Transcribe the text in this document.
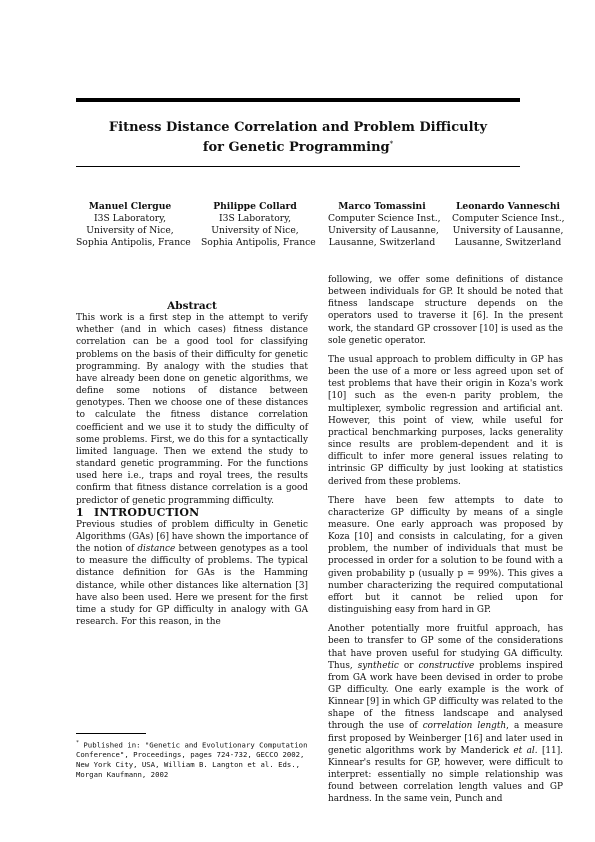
Fitness Distance Correlation and Problem Difficulty
for Genetic Programming*
Manuel Clergue
I3S Laboratory,
University of Nice,
Sophia Antipolis, France
Philippe Collard
I3S Laboratory,
University of Nice,
Sophia Antipolis, France
Marco Tomassini
Computer Science Inst.,
University of Lausanne,
Lausanne, Switzerland
Leonardo Vanneschi
Computer Science Inst.,
University of Lausanne,
Lausanne, Switzerland

Abstract

This work is a first step in the attempt to verify whether (and in which cases) fitness distance correlation can be a good tool for classifying problems on the basis of their difficulty for genetic programming. By analogy with the studies that have already been done on genetic algorithms, we define some notions of distance between genotypes. Then we choose one of these distances to calculate the fitness distance correlation coefficient and we use it to study the difficulty of some problems. First, we do this for a syntactically limited language. Then we extend the study to standard genetic programming. For the functions used here i.e., traps and royal trees, the results confirm that fitness distance correlation is a good predictor of genetic programming difficulty.

1 INTRODUCTION

Previous studies of problem difficulty in Genetic Algorithms (GAs) [6] have shown the importance of the notion of distance between genotypes as a tool to measure the difficulty of problems. The typical distance definition for GAs is the Hamming distance, while other distances like alternation [3] have also been used. Here we present for the first time a study for GP difficulty in analogy with GA research. For this reason, in the

* Published in: "Genetic and Evolutionary Computation Conference", Proceedings, pages 724-732, GECCO 2002, New York City, USA, William B. Langton et al. Eds., Morgan Kaufmann, 2002

following, we offer some definitions of distance between individuals for GP. It should be noted that fitness landscape structure depends on the operators used to traverse it [6]. In the present work, the standard GP crossover [10] is used as the sole genetic operator.

The usual approach to problem difficulty in GP has been the use of a more or less agreed upon set of test problems that have their origin in Koza's work [10] such as the even-n parity problem, the multiplexer, symbolic regression and artificial ant. However, this point of view, while useful for practical benchmarking purposes, lacks generality since results are problem-dependent and it is difficult to infer more general issues relating to intrinsic GP difficulty by just looking at statistics derived from these problems.

There have been few attempts to date to characterize GP difficulty by means of a single measure. One early approach was proposed by Koza [10] and consists in calculating, for a given problem, the number of individuals that must be processed in order for a solution to be found with a given probability p (usually p = 99%). This gives a number characterizing the required computational effort but it cannot be relied upon for distinguishing easy from hard in GP.

Another potentially more fruitful approach, has been to transfer to GP some of the considerations that have proven useful for studying GA difficulty. Thus, synthetic or constructive problems inspired from GA work have been devised in order to probe GP difficulty. One early example is the work of Kinnear [9] in which GP difficulty was related to the shape of the fitness landscape and analysed through the use of correlation length, a measure first proposed by Weinberger [16] and later used in genetic algorithms work by Manderick et al. [11]. Kinnear's results for GP, however, were difficult to interpret: essentially no simple relationship was found between correlation length values and GP hardness. In the same vein, Punch and
